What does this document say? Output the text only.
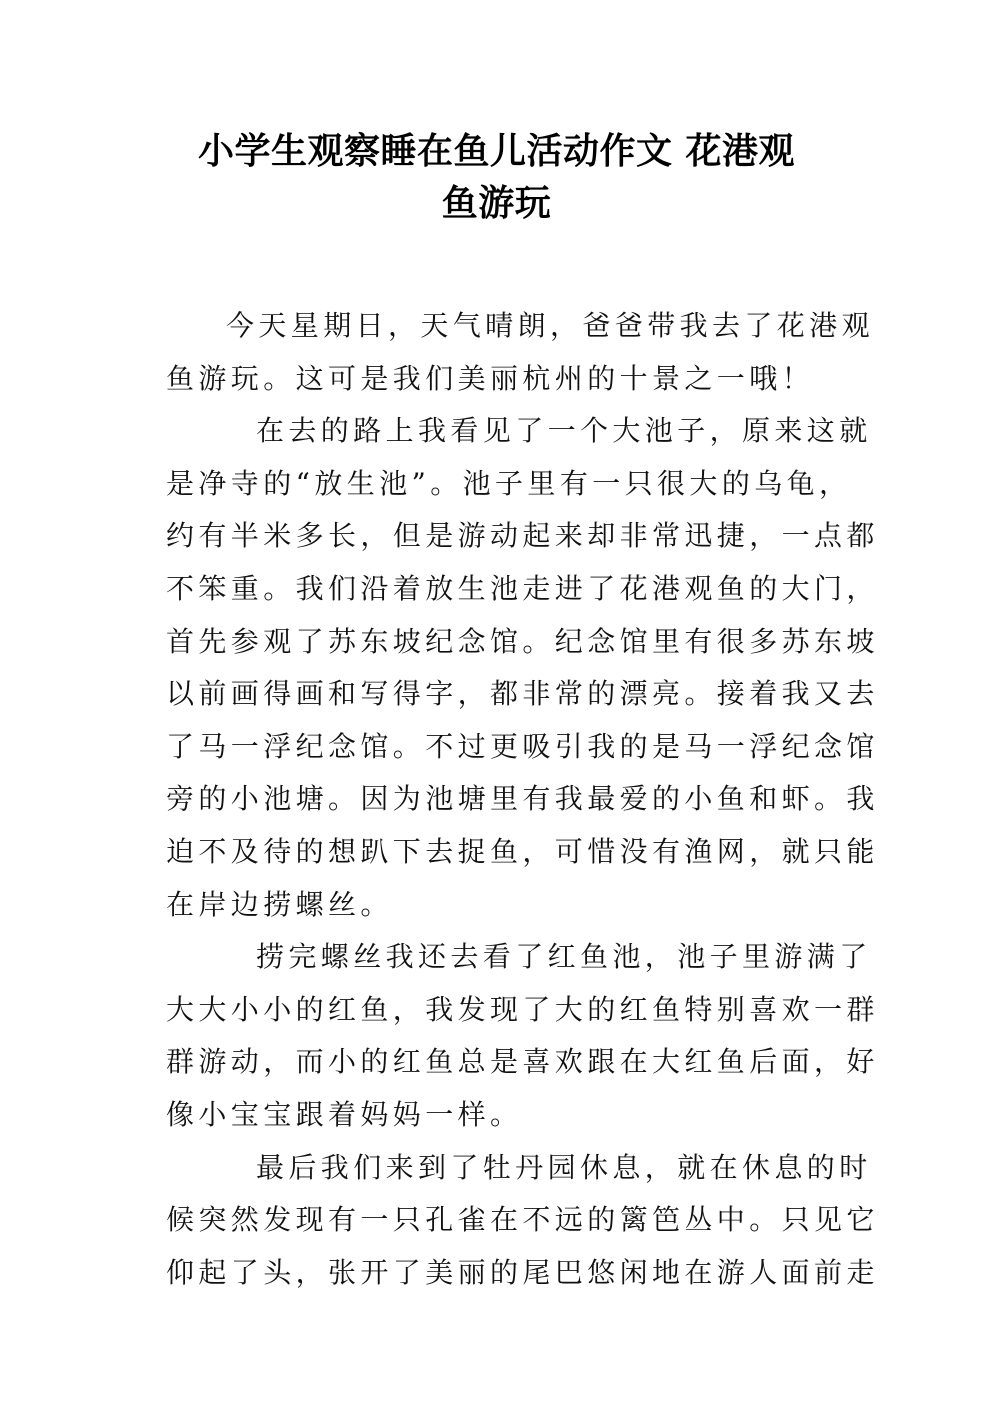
小学生观察睡在鱼儿活动作文 花港观
鱼游玩
今天星期日，天气晴朗，爸爸带我去了花港观
鱼游玩。这可是我们美丽杭州的十景之一哦！
在去的路上我看见了一个大池子，原来这就
是净寺的“放生池”。池子里有一只很大的乌龟，
约有半米多长，但是游动起来却非常迅捷，一点都
不笨重。我们沿着放生池走进了花港观鱼的大门，
首先参观了苏东坡纪念馆。纪念馆里有很多苏东坡
以前画得画和写得字，都非常的漂亮。接着我又去
了马一浮纪念馆。不过更吸引我的是马一浮纪念馆
旁的小池塘。因为池塘里有我最爱的小鱼和虾。我
迫不及待的想趴下去捉鱼，可惜没有渔网，就只能
在岸边捞螺丝。
捞完螺丝我还去看了红鱼池，池子里游满了
大大小小的红鱼，我发现了大的红鱼特别喜欢一群
群游动，而小的红鱼总是喜欢跟在大红鱼后面，好
像小宝宝跟着妈妈一样。
最后我们来到了牡丹园休息，就在休息的时
候突然发现有一只孔雀在不远的篱笆丛中。只见它
仰起了头，张开了美丽的尾巴悠闲地在游人面前走
